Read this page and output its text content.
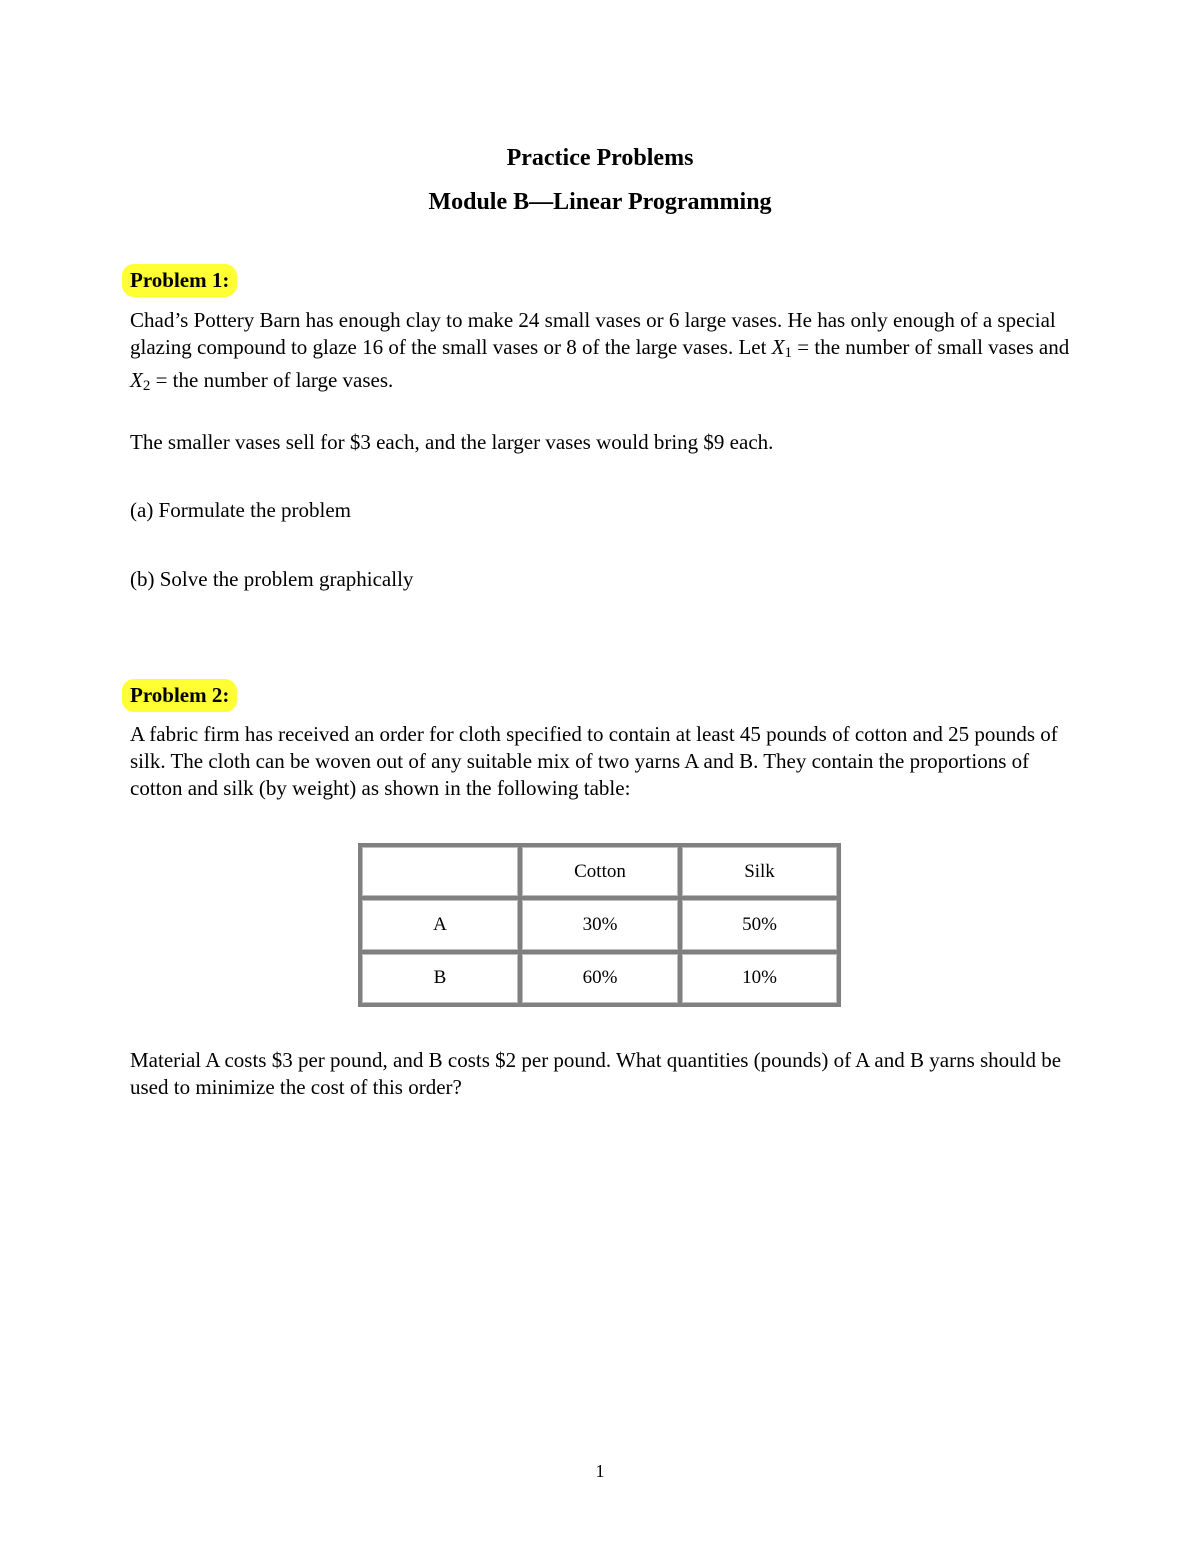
Practice Problems
Module B—Linear Programming
Problem 1:

Chad’s Pottery Barn has enough clay to make 24 small vases or 6 large vases. He has only enough of a special glazing compound to glaze 16 of the small vases or 8 of the large vases. Let X1 = the number of small vases and X2 = the number of large vases.

The smaller vases sell for $3 each, and the larger vases would bring $9 each.

(a) Formulate the problem

(b) Solve the problem graphically

Problem 2:

A fabric firm has received an order for cloth specified to contain at least 45 pounds of cotton and 25 pounds of silk. The cloth can be woven out of any suitable mix of two yarns A and B. They contain the proportions of cotton and silk (by weight) as shown in the following table:

	Cotton	Silk
A	30%	50%
B	60%	10%

Material A costs $3 per pound, and B costs $2 per pound. What quantities (pounds) of A and B yarns should be used to minimize the cost of this order?

1
